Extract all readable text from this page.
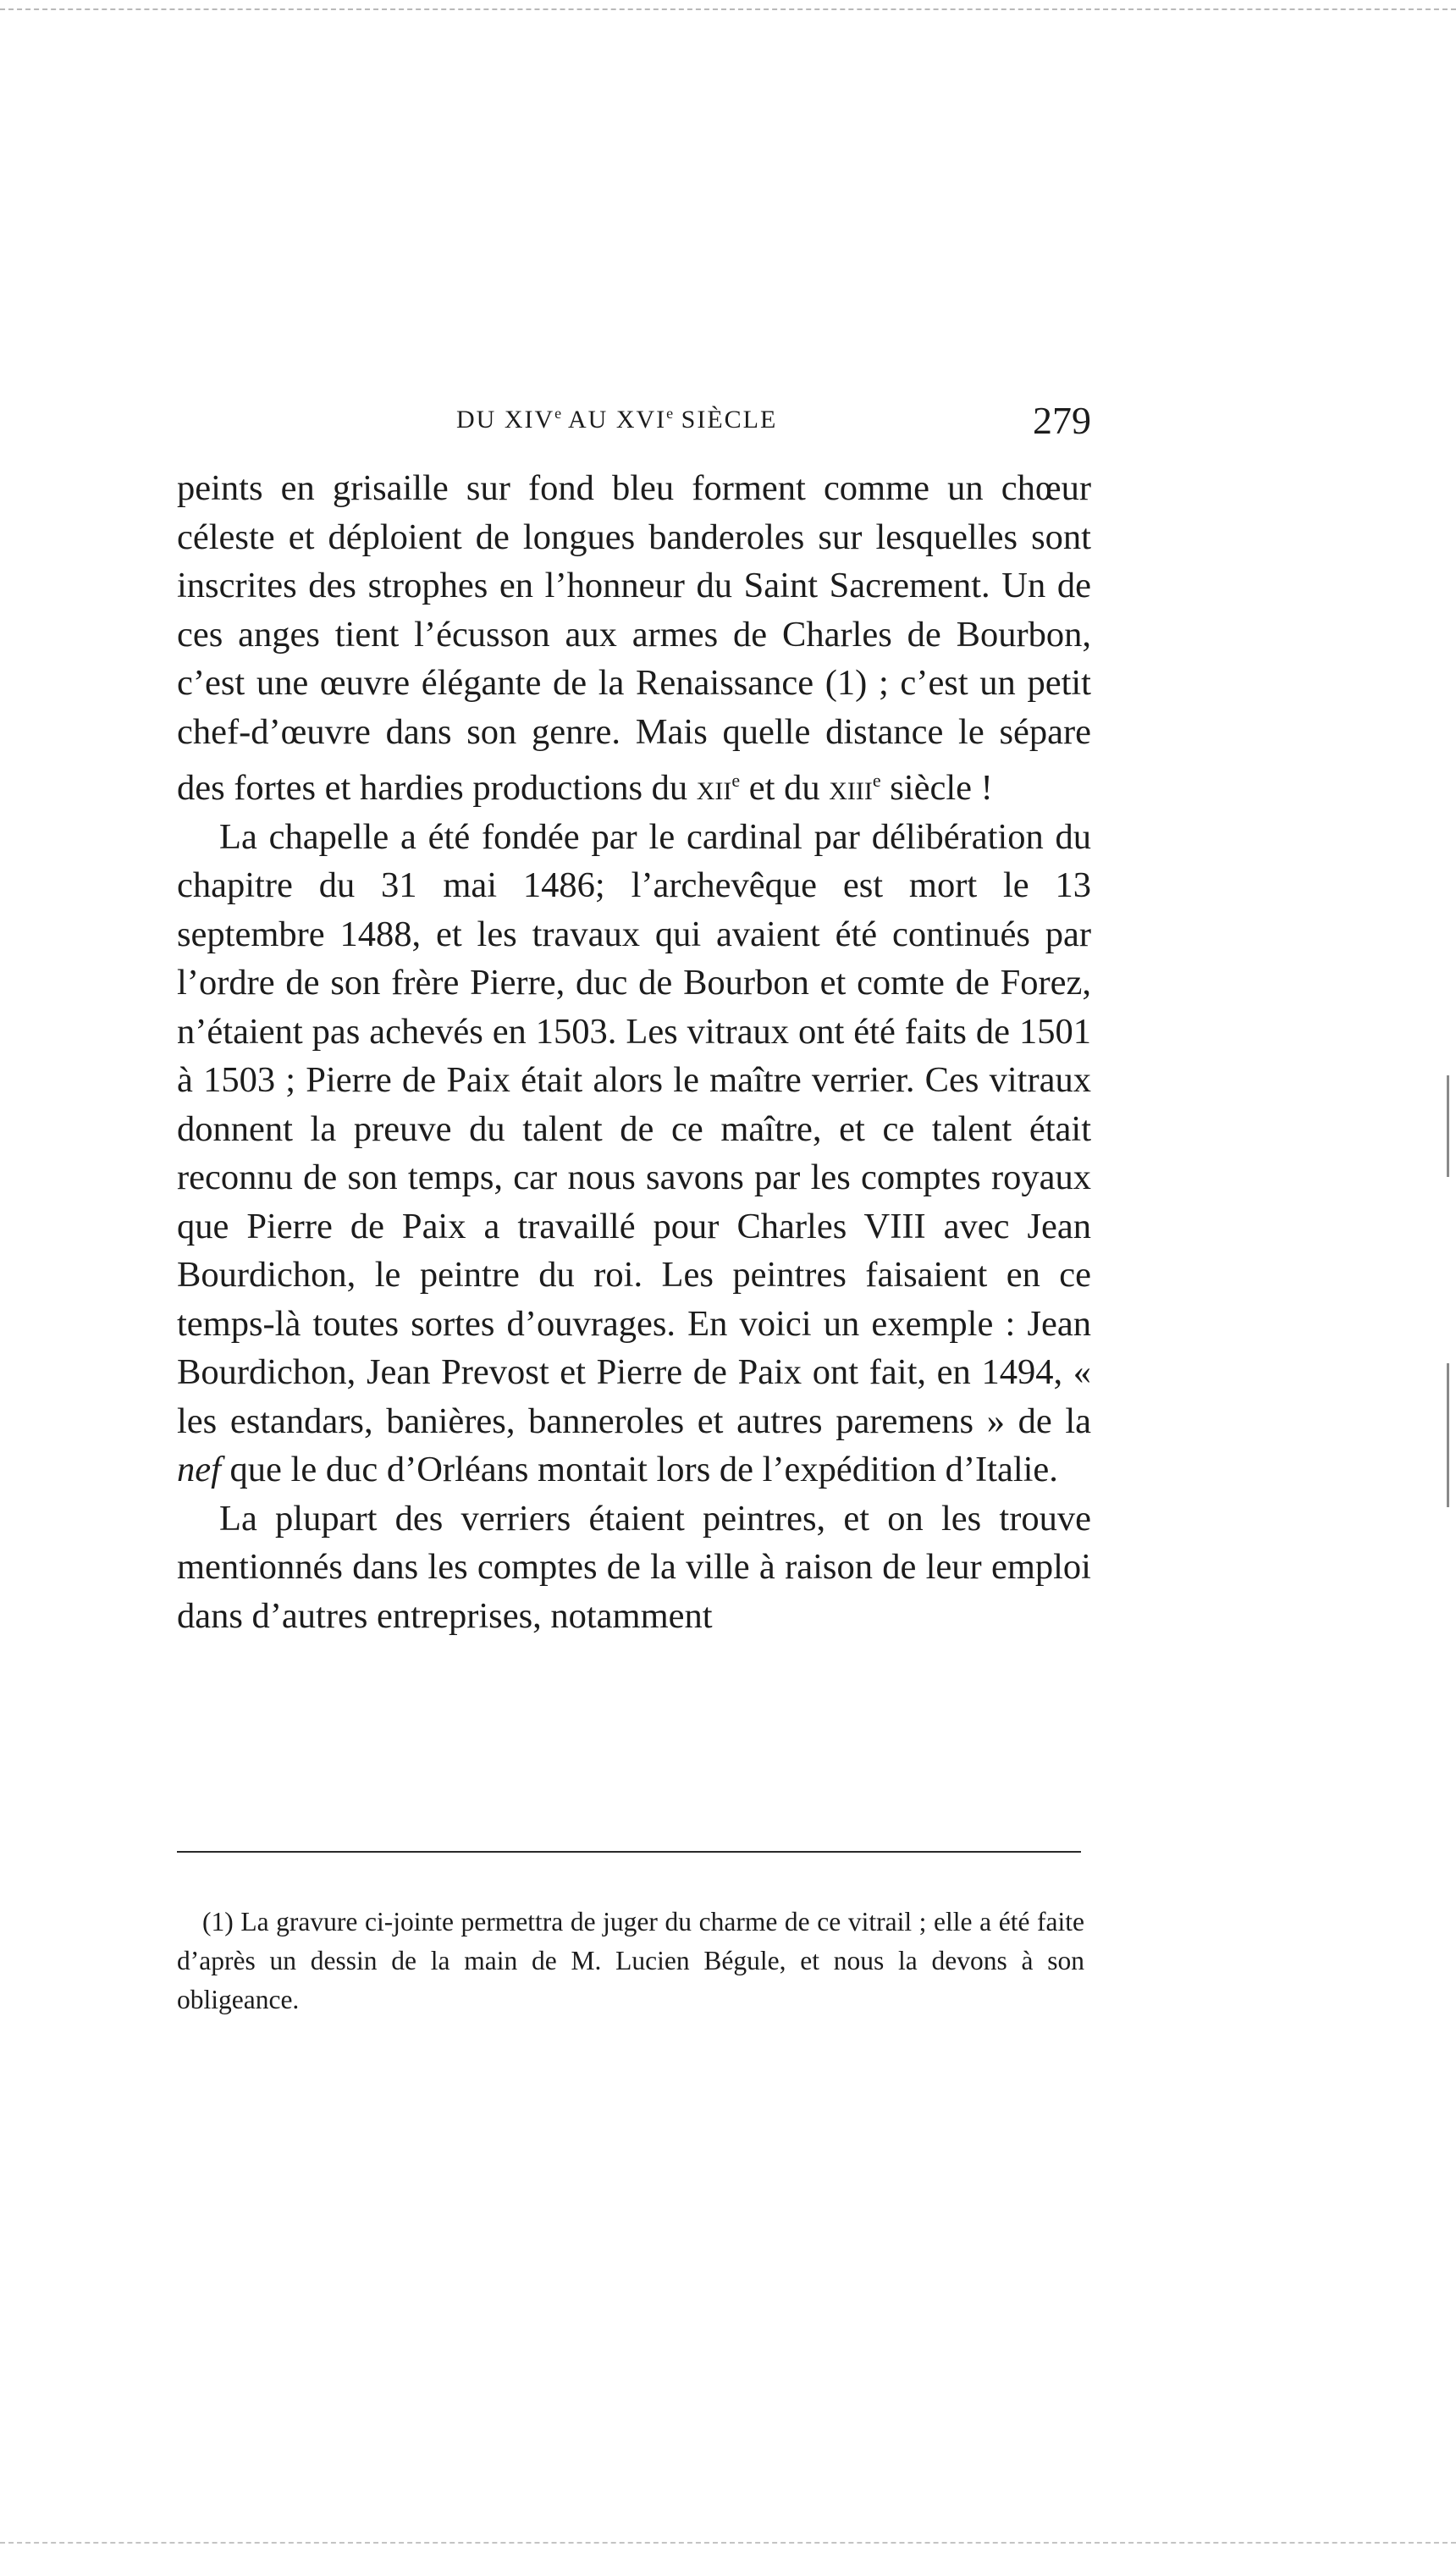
DU XIVe AU XVIe SIÈCLE	279

peints en grisaille sur fond bleu forment comme un chœur céleste et déploient de longues banderoles sur lesquelles sont inscrites des strophes en l’honneur du Saint Sacrement. Un de ces anges tient l’écusson aux armes de Charles de Bourbon, c’est une œuvre élégante de la Renaissance (1) ; c’est un petit chef-d’œuvre dans son genre. Mais quelle distance le sépare des fortes et hardies productions du xii$^e$ et du xiii$^e$ siècle !

La chapelle a été fondée par le cardinal par délibération du chapitre du 31 mai 1486; l’archevêque est mort le 13 septembre 1488, et les travaux qui avaient été continués par l’ordre de son frère Pierre, duc de Bourbon et comte de Forez, n’étaient pas achevés en 1503. Les vitraux ont été faits de 1501 à 1503 ; Pierre de Paix était alors le maître verrier. Ces vitraux donnent la preuve du talent de ce maître, et ce talent était reconnu de son temps, car nous savons par les comptes royaux que Pierre de Paix a travaillé pour Charles VIII avec Jean Bourdichon, le peintre du roi. Les peintres faisaient en ce temps-là toutes sortes d’ouvrages. En voici un exemple : Jean Bourdichon, Jean Prevost et Pierre de Paix ont fait, en 1494, « les estandars, banières, banneroles et autres paremens » de la nef que le duc d’Orléans montait lors de l’expédition d’Italie.

La plupart des verriers étaient peintres, et on les trouve mentionnés dans les comptes de la ville à raison de leur emploi dans d’autres entreprises, notamment

(1) La gravure ci-jointe permettra de juger du charme de ce vitrail ; elle a été faite d’après un dessin de la main de M. Lucien Bégule, et nous la devons à son obligeance.
